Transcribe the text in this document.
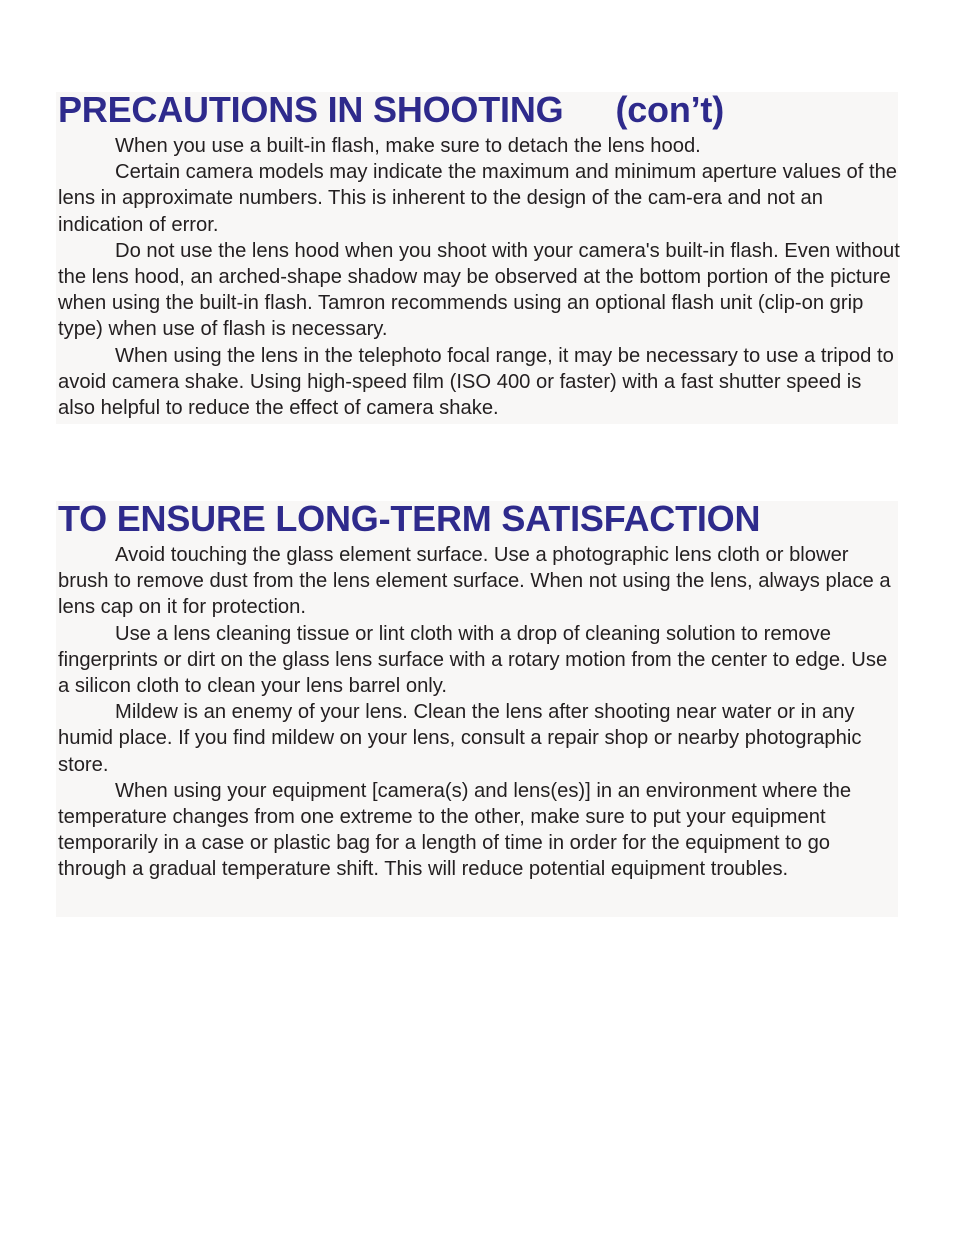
PRECAUTIONS IN SHOOTING (con’t)

When you use a built-in flash, make sure to detach the lens hood.

Certain camera models may indicate the maximum and minimum aperture values of the lens in approximate numbers. This is inherent to the design of the cam-era and not an indication of error.

Do not use the lens hood when you shoot with your camera's built-in flash. Even without the lens hood, an arched-shape shadow may be observed at the bottom portion of the picture when using the built-in flash. Tamron recommends using an optional flash unit (clip-on grip type) when use of flash is necessary.

When using the lens in the telephoto focal range, it may be necessary to use a tripod to avoid camera shake. Using high-speed film (ISO 400 or faster) with a fast shutter speed is also helpful to reduce the effect of camera shake.

TO ENSURE LONG-TERM SATISFACTION

Avoid touching the glass element surface. Use a photographic lens cloth or blower brush to remove dust from the lens element surface. When not using the lens, always place a lens cap on it for protection.

Use a lens cleaning tissue or lint cloth with a drop of cleaning solution to remove fingerprints or dirt on the glass lens surface with a rotary motion from the center to edge. Use a silicon cloth to clean your lens barrel only.

Mildew is an enemy of your lens. Clean the lens after shooting near water or in any humid place. If you find mildew on your lens, consult a repair shop or nearby photographic store.

When using your equipment [camera(s) and lens(es)] in an environment where the temperature changes from one extreme to the other, make sure to put your equipment temporarily in a case or plastic bag for a length of time in order for the equipment to go through a gradual temperature shift. This will reduce potential equipment troubles.
